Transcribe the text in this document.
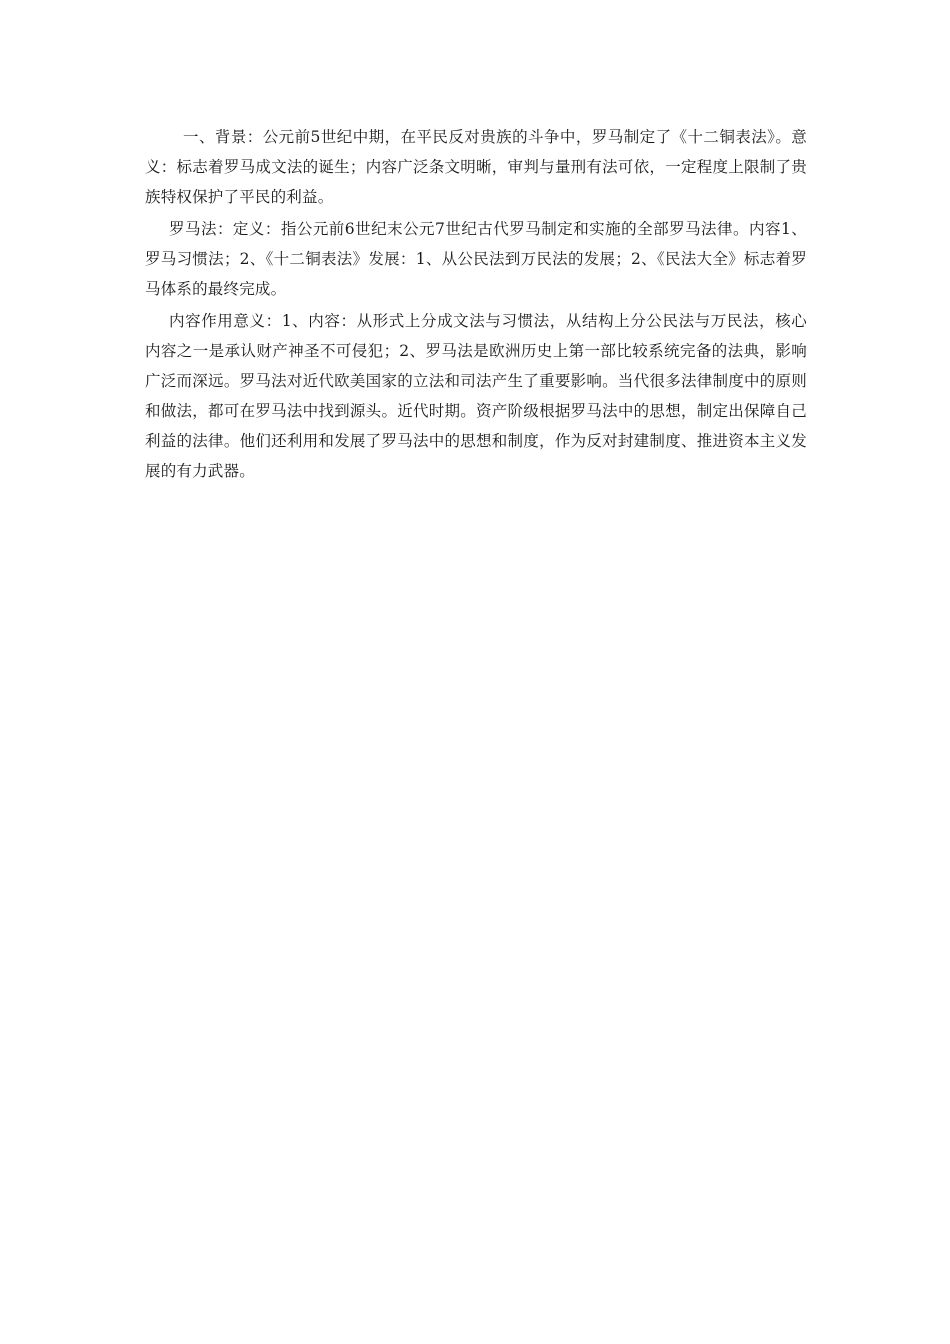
一、背景：公元前5世纪中期，在平民反对贵族的斗争中，罗马制定了《十二铜表法》。意义：标志着罗马成文法的诞生；内容广泛条文明晰，审判与量刑有法可依，一定程度上限制了贵族特权保护了平民的利益。

罗马法：定义：指公元前6世纪末公元7世纪古代罗马制定和实施的全部罗马法律。内容1、罗马习惯法；2、《十二铜表法》发展：1、从公民法到万民法的发展；2、《民法大全》标志着罗马体系的最终完成。

内容作用意义：1、内容：从形式上分成文法与习惯法，从结构上分公民法与万民法，核心内容之一是承认财产神圣不可侵犯；2、罗马法是欧洲历史上第一部比较系统完备的法典，影响广泛而深远。罗马法对近代欧美国家的立法和司法产生了重要影响。当代很多法律制度中的原则和做法，都可在罗马法中找到源头。近代时期。资产阶级根据罗马法中的思想，制定出保障自己利益的法律。他们还利用和发展了罗马法中的思想和制度，作为反对封建制度、推进资本主义发展的有力武器。
